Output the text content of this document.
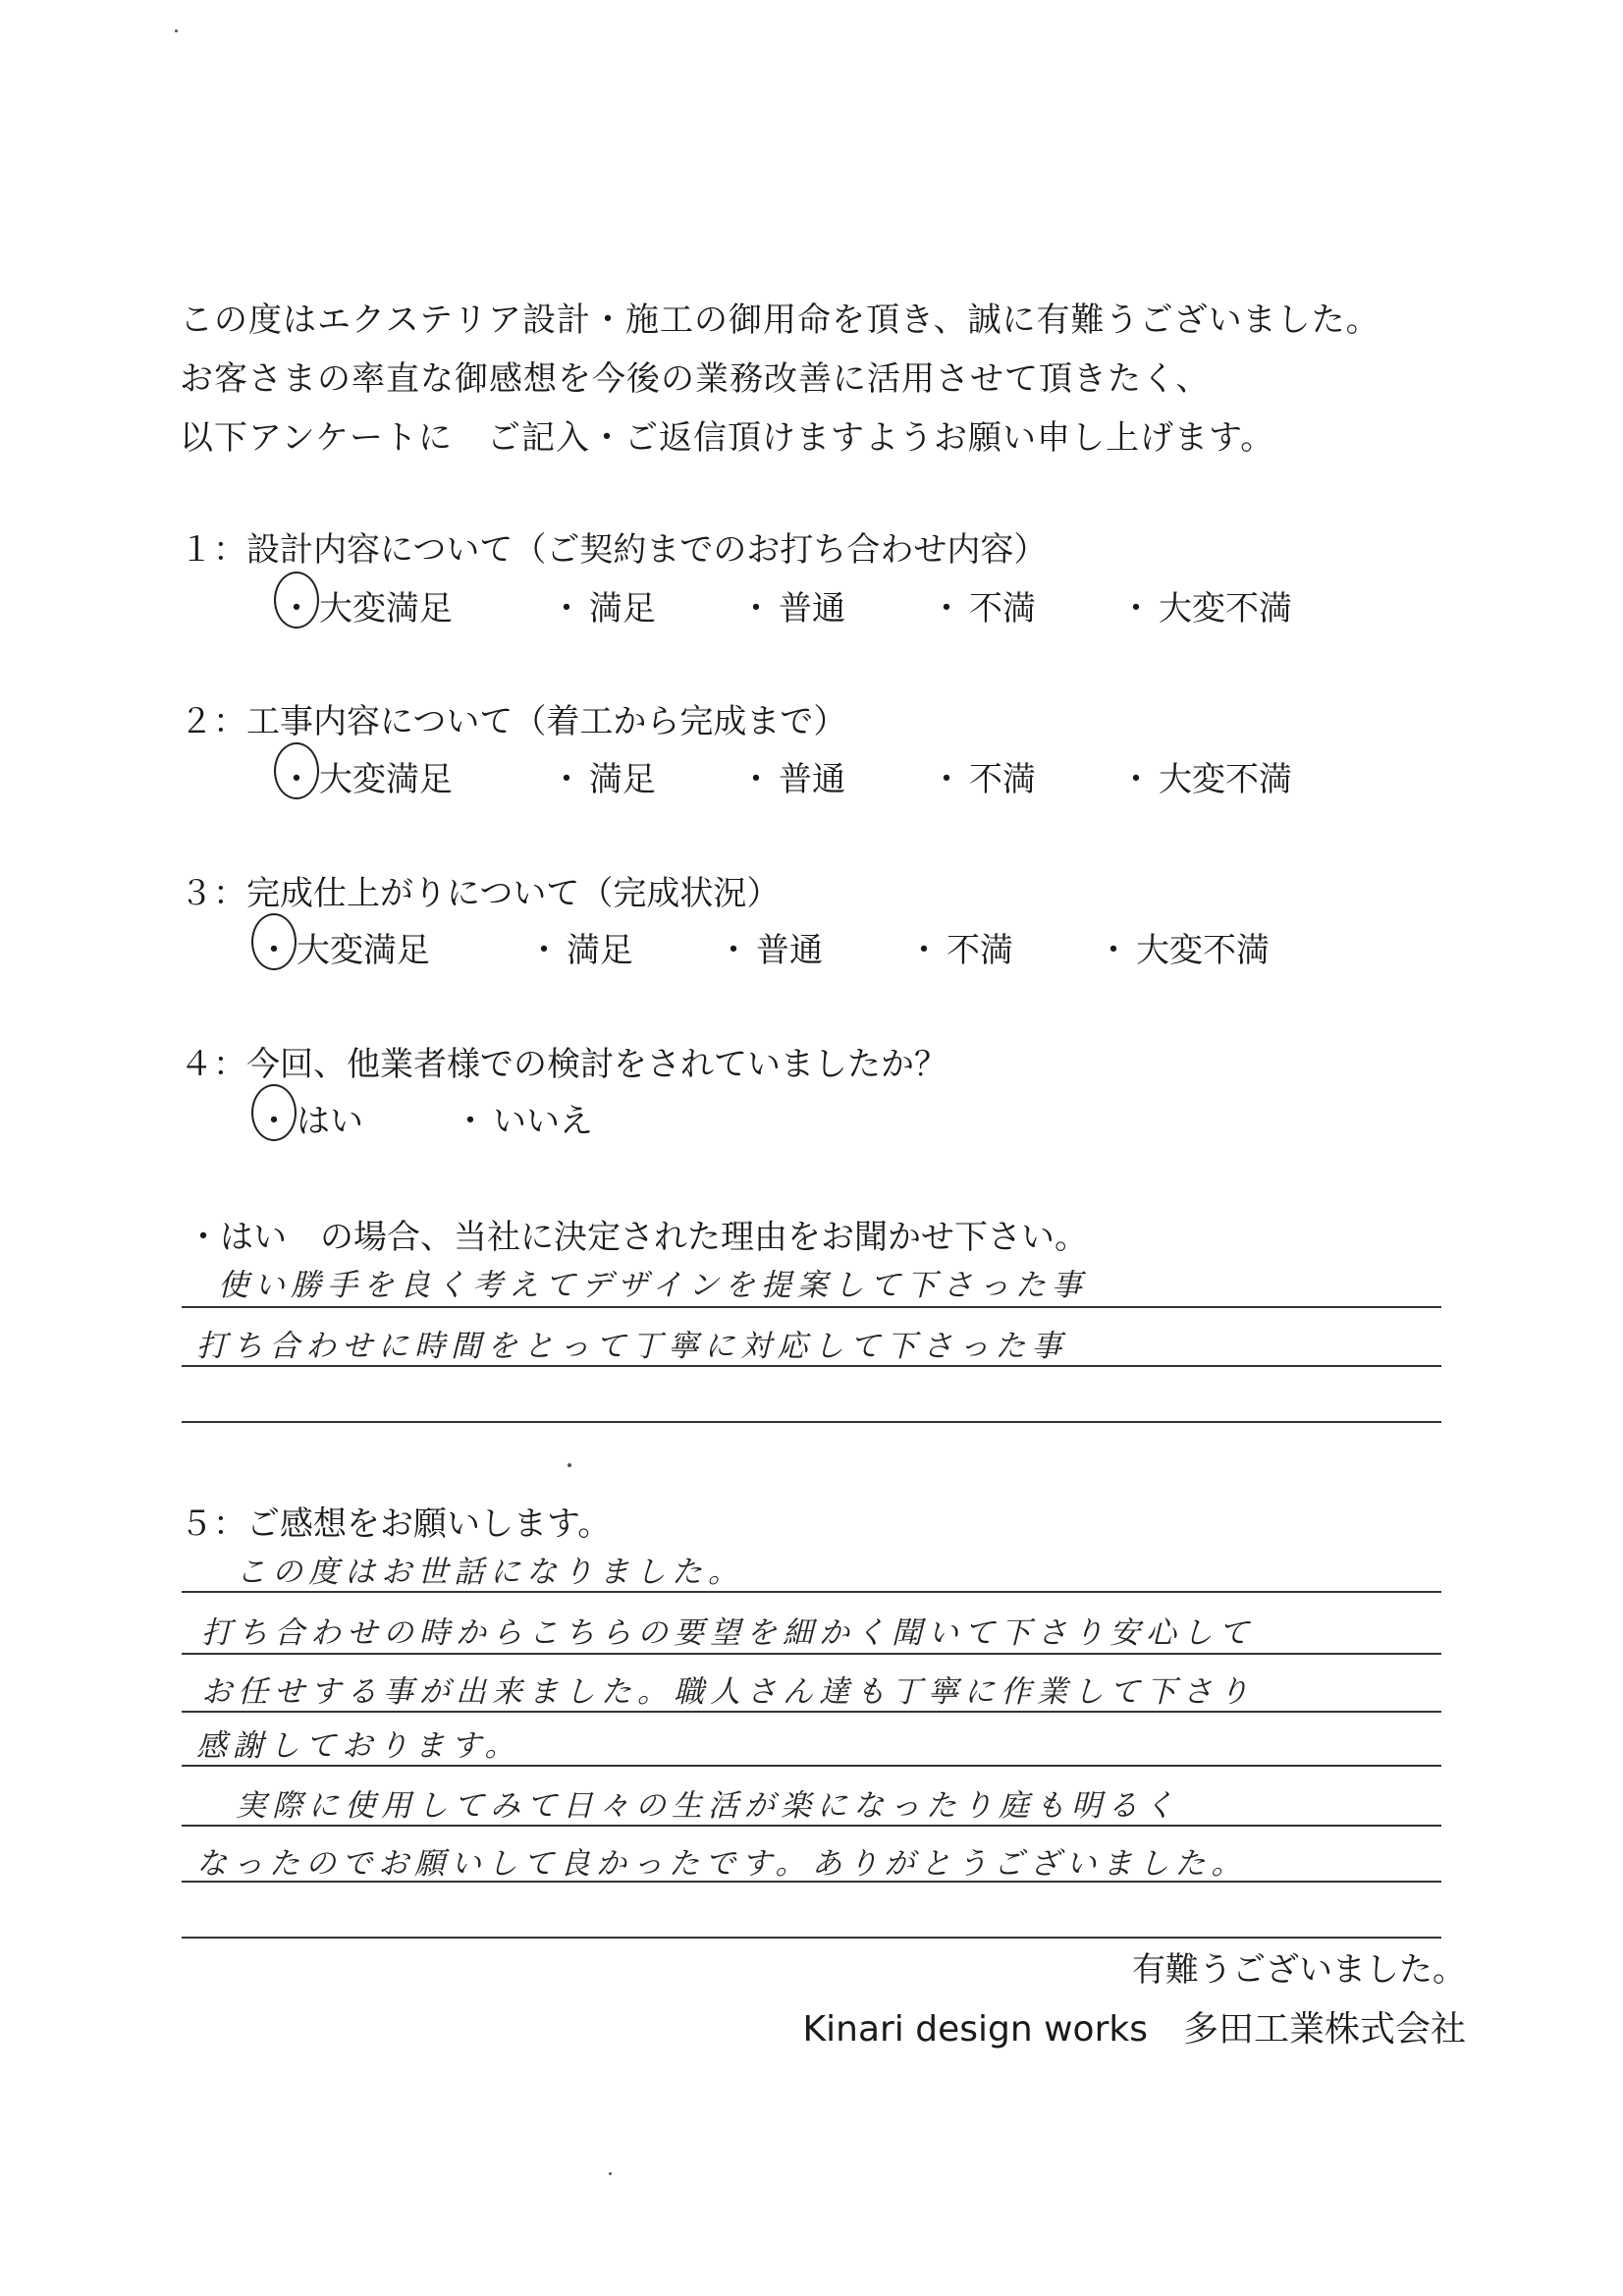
この度はエクステリア設計・施工の御用命を頂き、誠に有難うございました。
お客さまの率直な御感想を今後の業務改善に活用させて頂きたく、
以下アンケートに　ご記入・ご返信頂けますようお願い申し上げます。
１：設計内容について（ご契約までのお打ち合わせ内容）
・ 大変満足	・ 満足	・ 普通	・ 不満	・ 大変不満
２：工事内容について（着工から完成まで）
・ 大変満足	・ 満足	・ 普通	・ 不満	・ 大変不満
３：完成仕上がりについて（完成状況）
・ 大変満足	・ 満足	・ 普通	・ 不満	・ 大変不満
４：今回、他業者様での検討をされていましたか？
・ はい	・ いいえ
・はい　の場合、当社に決定された理由をお聞かせ下さい。
使い勝手を良く考えてデザインを提案して下さった事
打ち合わせに時間をとって丁寧に対応して下さった事
５：ご感想をお願いします。
この度はお世話になりました。
打ち合わせの時からこちらの要望を細かく聞いて下さり安心して
お任せする事が出来ました。職人さん達も丁寧に作業して下さり
感謝しております。
実際に使用してみて日々の生活が楽になったり庭も明るく
なったのでお願いして良かったです。ありがとうございました。
有難うございました。
Kinari design works　多田工業株式会社
